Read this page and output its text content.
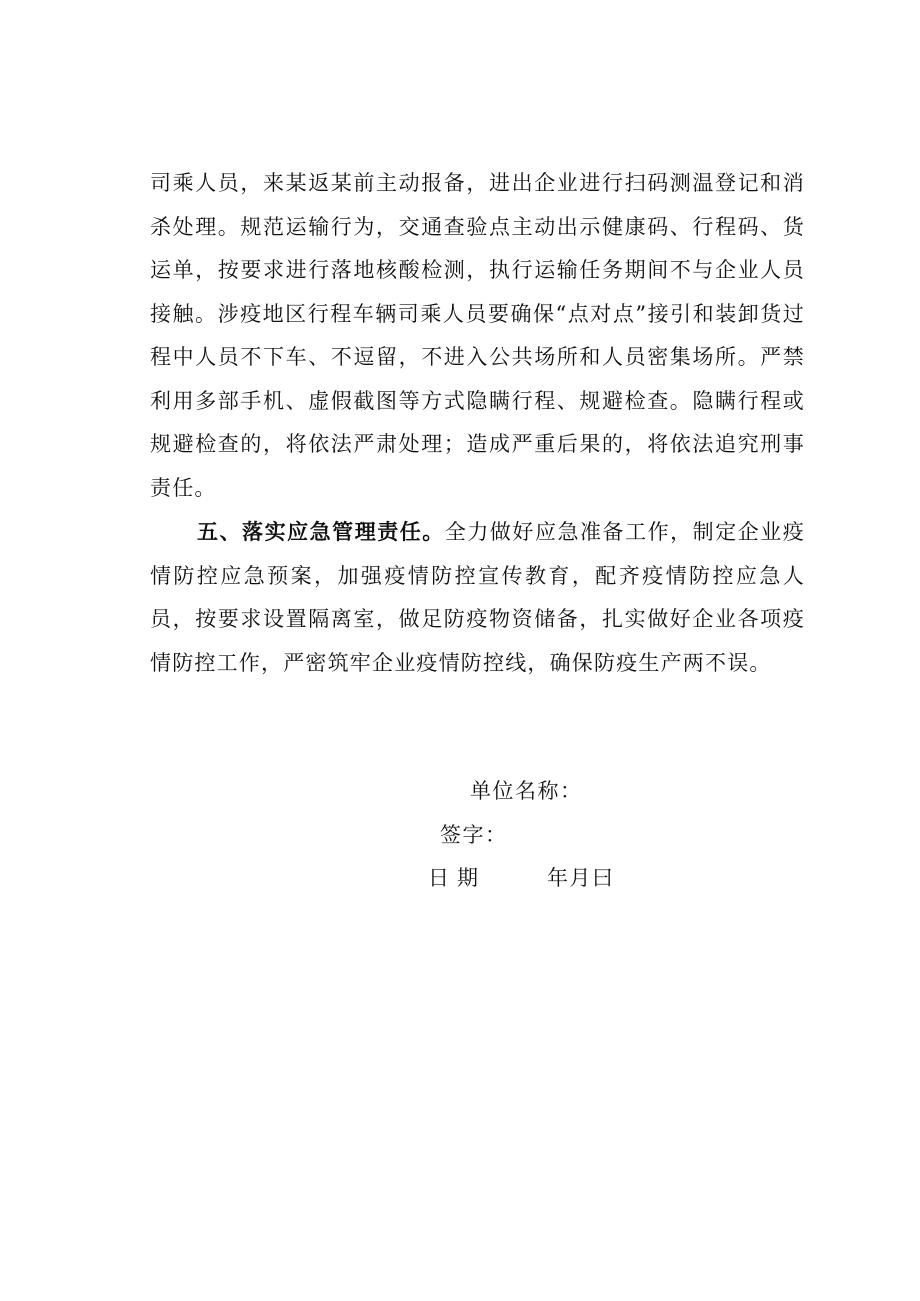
司乘人员，来某返某前主动报备，进出企业进行扫码测温登记和消杀处理。规范运输行为，交通查验点主动出示健康码、行程码、货运单，按要求进行落地核酸检测，执行运输任务期间不与企业人员接触。涉疫地区行程车辆司乘人员要确保“点对点”接引和装卸货过程中人员不下车、不逗留，不进入公共场所和人员密集场所。严禁利用多部手机、虚假截图等方式隐瞒行程、规避检查。隐瞒行程或规避检查的，将依法严肃处理；造成严重后果的，将依法追究刑事责任。

五、落实应急管理责任。全力做好应急准备工作，制定企业疫情防控应急预案，加强疫情防控宣传教育，配齐疫情防控应急人员，按要求设置隔离室，做足防疫物资储备，扎实做好企业各项疫情防控工作，严密筑牢企业疫情防控线，确保防疫生产两不误。

单位名称：
签字：
日期	年月曰
